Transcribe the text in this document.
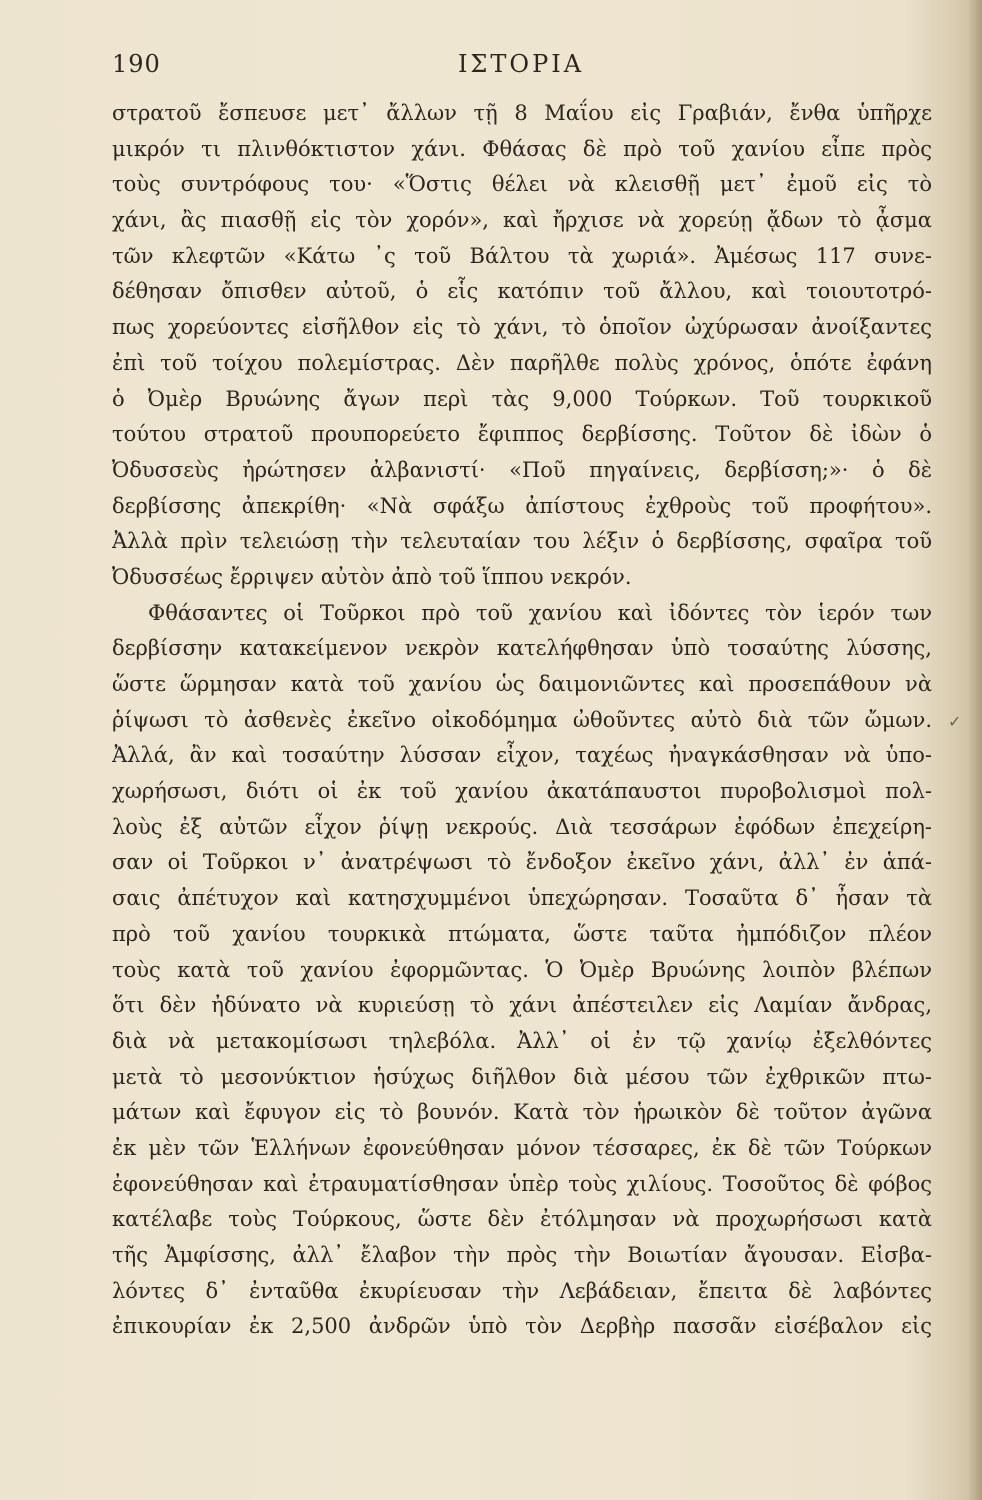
190	ΙΣΤΟΡΙΑ
στρατοῦ ἔσπευσε μετ᾽ ἄλλων τῇ 8 Μαΐου εἰς Γραβιάν, ἔνθα ὑπῆρχε
μικρόν τι πλινθόκτιστον χάνι. Φθάσας δὲ πρὸ τοῦ χανίου εἶπε πρὸς
τοὺς συντρόφους του· «Ὅστις θέλει νὰ κλεισθῇ μετ᾽ ἐμοῦ εἰς τὸ
χάνι, ἂς πιασθῇ εἰς τὸν χορόν», καὶ ἤρχισε νὰ χορεύῃ ᾄδων τὸ ᾆσμα
τῶν κλεφτῶν «Κάτω ᾽ς τοῦ Βάλτου τὰ χωριά». Ἀμέσως 117 συνε-
δέθησαν ὄπισθεν αὐτοῦ, ὁ εἷς κατόπιν τοῦ ἄλλου, καὶ τοιουτοτρό-
πως χορεύοντες εἰσῆλθον εἰς τὸ χάνι, τὸ ὁποῖον ὠχύρωσαν ἀνοίξαντες
ἐπὶ τοῦ τοίχου πολεμίστρας. Δὲν παρῆλθε πολὺς χρόνος, ὁπότε ἐφάνη
ὁ Ὀμὲρ Βρυώνης ἄγων περὶ τὰς 9,000 Τούρκων. Τοῦ τουρκικοῦ
τούτου στρατοῦ προυπορεύετο ἔφιππος δερβίσσης. Τοῦτον δὲ ἰδὼν ὁ
Ὀδυσσεὺς ἠρώτησεν ἀλβανιστί· «Ποῦ πηγαίνεις, δερβίσση;»· ὁ δὲ
δερβίσσης ἀπεκρίθη· «Νὰ σφάξω ἀπίστους ἐχθροὺς τοῦ προφήτου».
Ἀλλὰ πρὶν τελειώσῃ τὴν τελευταίαν του λέξιν ὁ δερβίσσης, σφαῖρα τοῦ
Ὀδυσσέως ἔρριψεν αὐτὸν ἀπὸ τοῦ ἵππου νεκρόν.
Φθάσαντες οἱ Τοῦρκοι πρὸ τοῦ χανίου καὶ ἰδόντες τὸν ἱερόν των
δερβίσσην κατακείμενον νεκρὸν κατελήφθησαν ὑπὸ τοσαύτης λύσσης,
ὥστε ὥρμησαν κατὰ τοῦ χανίου ὡς δαιμονιῶντες καὶ προσεπάθουν νὰ
ῥίψωσι τὸ ἀσθενὲς ἐκεῖνο οἰκοδόμημα ὠθοῦντες αὐτὸ διὰ τῶν ὤμων.
Ἀλλά, ἂν καὶ τοσαύτην λύσσαν εἶχον, ταχέως ἠναγκάσθησαν νὰ ὑπο-
χωρήσωσι, διότι οἱ ἐκ τοῦ χανίου ἀκατάπαυστοι πυροβολισμοὶ πολ-
λοὺς ἐξ αὐτῶν εἶχον ῥίψῃ νεκρούς. Διὰ τεσσάρων ἐφόδων ἐπεχείρη-
σαν οἱ Τοῦρκοι ν᾽ ἀνατρέψωσι τὸ ἔνδοξον ἐκεῖνο χάνι, ἀλλ᾽ ἐν ἁπά-
σαις ἀπέτυχον καὶ κατησχυμμένοι ὑπεχώρησαν. Τοσαῦτα δ᾽ ἦσαν τὰ
πρὸ τοῦ χανίου τουρκικὰ πτώματα, ὥστε ταῦτα ἠμπόδιζον πλέον
τοὺς κατὰ τοῦ χανίου ἐφορμῶντας. Ὁ Ὀμὲρ Βρυώνης λοιπὸν βλέπων
ὅτι δὲν ἠδύνατο νὰ κυριεύσῃ τὸ χάνι ἀπέστειλεν εἰς Λαμίαν ἄνδρας,
διὰ νὰ μετακομίσωσι τηλεβόλα. Ἀλλ᾽ οἱ ἐν τῷ χανίῳ ἐξελθόντες
μετὰ τὸ μεσονύκτιον ἡσύχως διῆλθον διὰ μέσου τῶν ἐχθρικῶν πτω-
μάτων καὶ ἔφυγον εἰς τὸ βουνόν. Κατὰ τὸν ἡρωικὸν δὲ τοῦτον ἀγῶνα
ἐκ μὲν τῶν Ἑλλήνων ἐφονεύθησαν μόνον τέσσαρες, ἐκ δὲ τῶν Τούρκων
ἐφονεύθησαν καὶ ἐτραυματίσθησαν ὑπὲρ τοὺς χιλίους. Τοσοῦτος δὲ φόβος
κατέλαβε τοὺς Τούρκους, ὥστε δὲν ἐτόλμησαν νὰ προχωρήσωσι κατὰ
τῆς Ἀμφίσσης, ἀλλ᾽ ἔλαβον τὴν πρὸς τὴν Βοιωτίαν ἄγουσαν. Εἰσβα-
λόντες δ᾽ ἐνταῦθα ἐκυρίευσαν τὴν Λεβάδειαν, ἔπειτα δὲ λαβόντες
ἐπικουρίαν ἐκ 2,500 ἀνδρῶν ὑπὸ τὸν Δερβὴρ πασσᾶν εἰσέβαλον εἰς
✓
